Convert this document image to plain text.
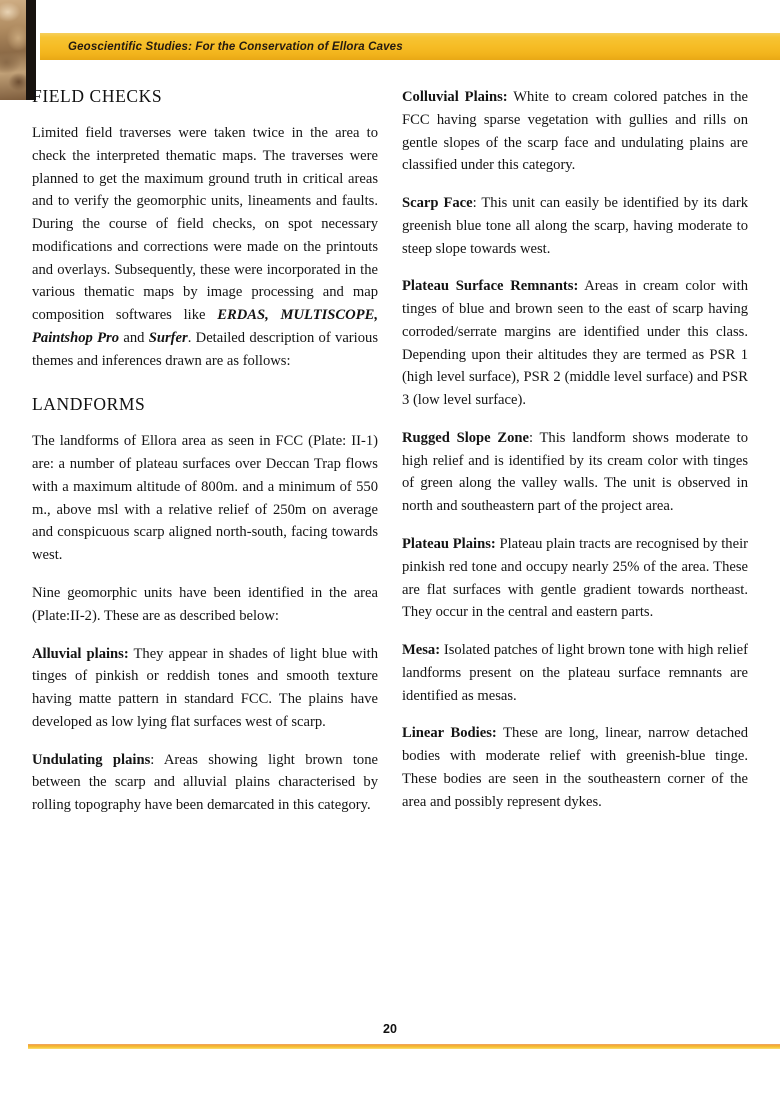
Geoscientific Studies: For the Conservation of Ellora Caves
FIELD CHECKS

Limited field traverses were taken twice in the area to check the interpreted thematic maps. The traverses were planned to get the maximum ground truth in critical areas and to verify the geomorphic units, lineaments and faults. During the course of field checks, on spot necessary modifications and corrections were made on the printouts and overlays. Subsequently, these were incorporated in the various thematic maps by image processing and map composition softwares like ERDAS, MULTISCOPE, Paintshop Pro and Surfer. Detailed description of various themes and inferences drawn are as follows:

LANDFORMS

The landforms of Ellora area as seen in FCC (Plate: II-1) are: a number of plateau surfaces over Deccan Trap flows with a maximum altitude of 800m. and a minimum of 550 m., above msl with a relative relief of 250m on average and conspicuous scarp aligned north-south, facing towards west.

Nine geomorphic units have been identified in the area (Plate:II-2). These are as described below:

Alluvial plains: They appear in shades of light blue with tinges of pinkish or reddish tones and smooth texture having matte pattern in standard FCC. The plains have developed as low lying flat surfaces west of scarp.

Undulating plains: Areas showing light brown tone between the scarp and alluvial plains characterised by rolling topography have been demarcated in this category.

Colluvial Plains: White to cream colored patches in the FCC having sparse vegetation with gullies and rills on gentle slopes of the scarp face and undulating plains are classified under this category.

Scarp Face: This unit can easily be identified by its dark greenish blue tone all along the scarp, having moderate to steep slope towards west.

Plateau Surface Remnants: Areas in cream color with tinges of blue and brown seen to the east of scarp having corroded/serrate margins are identified under this class. Depending upon their altitudes they are termed as PSR 1 (high level surface), PSR 2 (middle level surface) and PSR 3 (low level surface).

Rugged Slope Zone: This landform shows moderate to high relief and is identified by its cream color with tinges of green along the valley walls. The unit is observed in north and southeastern part of the project area.

Plateau Plains: Plateau plain tracts are recognised by their pinkish red tone and occupy nearly 25% of the area. These are flat surfaces with gentle gradient towards northeast. They occur in the central and eastern parts.

Mesa: Isolated patches of light brown tone with high relief landforms present on the plateau surface remnants are identified as mesas.

Linear Bodies: These are long, linear, narrow detached bodies with moderate relief with greenish-blue tinge. These bodies are seen in the southeastern corner of the area and possibly represent dykes.

20
